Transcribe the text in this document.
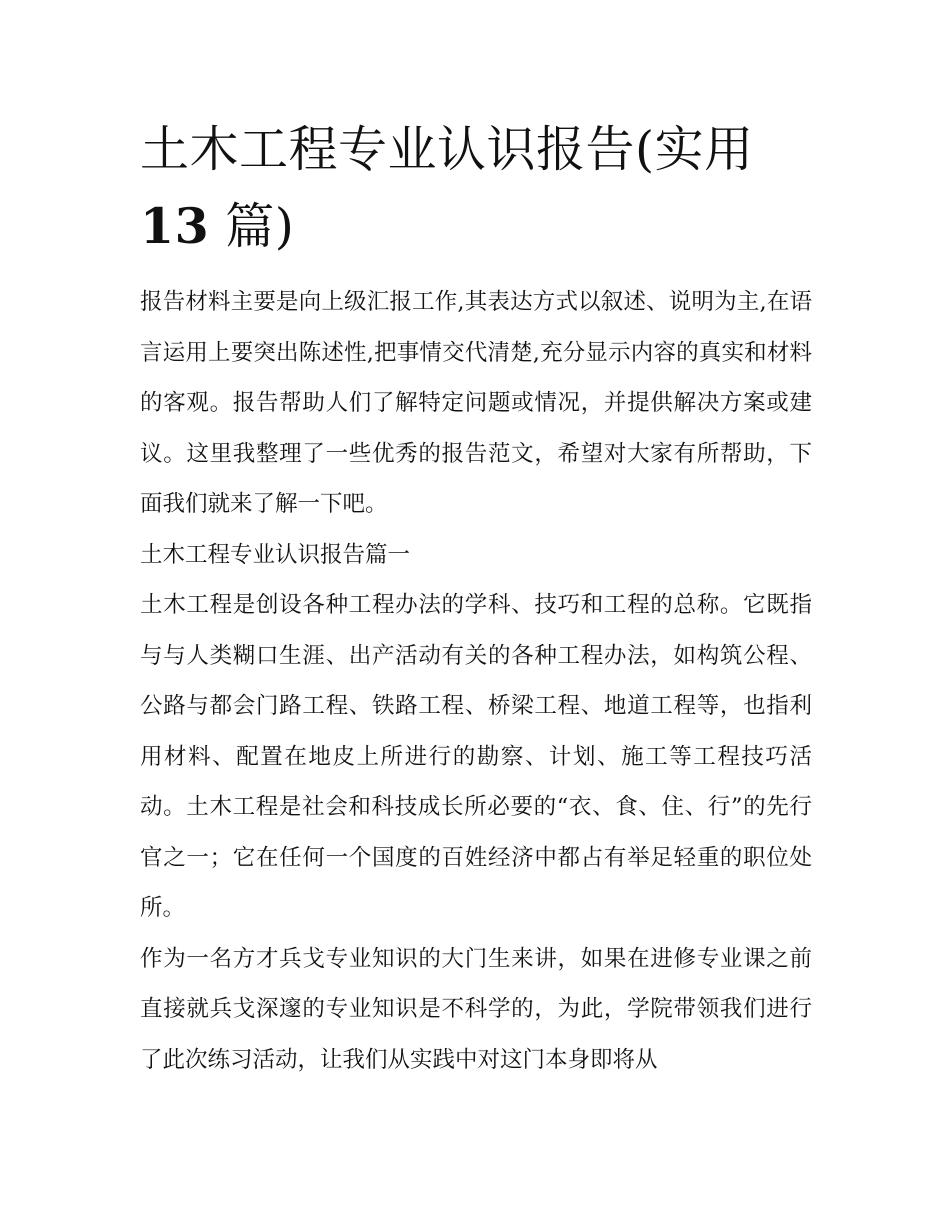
土木工程专业认识报告(实用
13 篇)

报告材料主要是向上级汇报工作,其表达方式以叙述、说明为主,在语言运用上要突出陈述性,把事情交代清楚,充分显示内容的真实和材料的客观。报告帮助人们了解特定问题或情况，并提供解决方案或建议。这里我整理了一些优秀的报告范文，希望对大家有所帮助，下面我们就来了解一下吧。

土木工程专业认识报告篇一

土木工程是创设各种工程办法的学科、技巧和工程的总称。它既指与与人类糊口生涯、出产活动有关的各种工程办法，如构筑公程、公路与都会门路工程、铁路工程、桥梁工程、地道工程等，也指利用材料、配置在地皮上所进行的勘察、计划、施工等工程技巧活动。土木工程是社会和科技成长所必要的“衣、食、住、行”的先行官之一；它在任何一个国度的百姓经济中都占有举足轻重的职位处所。

作为一名方才兵戈专业知识的大门生来讲，如果在进修专业课之前直接就兵戈深邃的专业知识是不科学的，为此，学院带领我们进行了此次练习活动，让我们从实践中对这门本身即将从
